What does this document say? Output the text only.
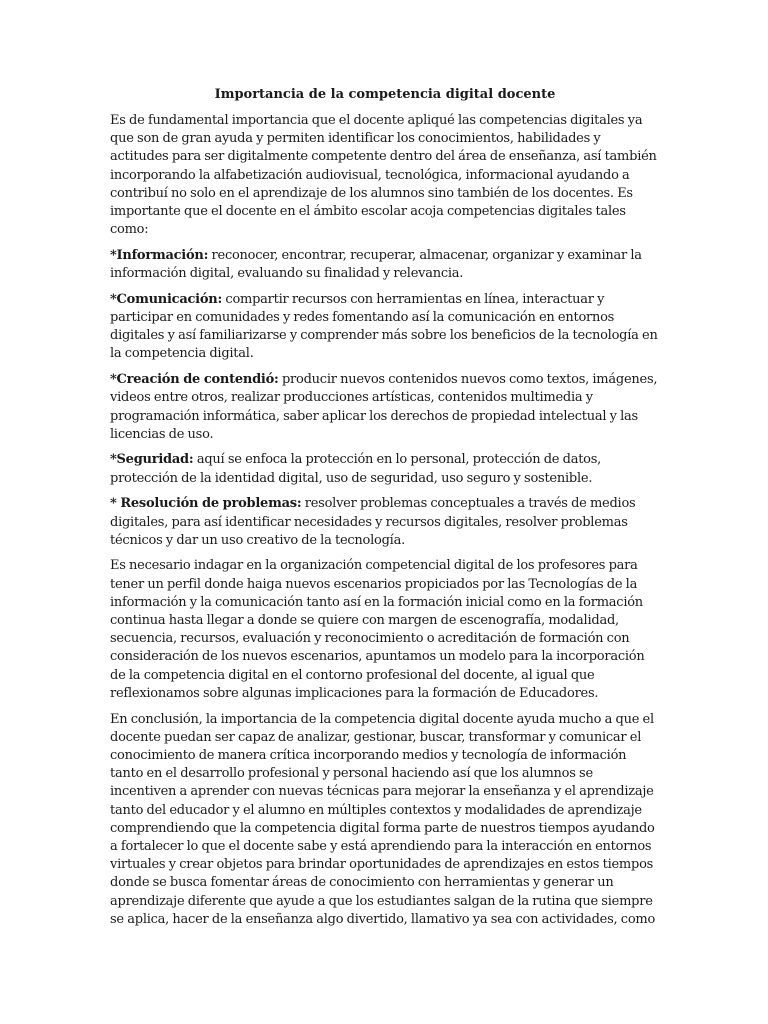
Importancia de la competencia digital docente

Es de fundamental importancia que el docente apliqué las competencias digitales ya que son de gran ayuda y permiten identificar los conocimientos, habilidades y actitudes para ser digitalmente competente dentro del área de enseñanza, así también incorporando la alfabetización audiovisual, tecnológica, informacional ayudando a contribuí no solo en el aprendizaje de los alumnos sino también de los docentes. Es importante que el docente en el ámbito escolar acoja competencias digitales tales como:

*Información: reconocer, encontrar, recuperar, almacenar, organizar y examinar la información digital, evaluando su finalidad y relevancia.

*Comunicación: compartir recursos con herramientas en línea, interactuar y participar en comunidades y redes fomentando así la comunicación en entornos digitales y así familiarizarse y comprender más sobre los beneficios de la tecnología en la competencia digital.

*Creación de contendió: producir nuevos contenidos nuevos como textos, imágenes, videos entre otros, realizar producciones artísticas, contenidos multimedia y programación informática, saber aplicar los derechos de propiedad intelectual y las licencias de uso.

*Seguridad: aquí se enfoca la protección en lo personal, protección de datos, protección de la identidad digital, uso de seguridad, uso seguro y sostenible.

* Resolución de problemas: resolver problemas conceptuales a través de medios digitales, para así identificar necesidades y recursos digitales, resolver problemas técnicos y dar un uso creativo de la tecnología.

Es necesario indagar en la organización competencial digital de los profesores para tener un perfil donde haiga nuevos escenarios propiciados por las Tecnologías de la información y la comunicación tanto así en la formación inicial como en la formación continua hasta llegar a donde se quiere con margen de escenografía, modalidad, secuencia, recursos, evaluación y reconocimiento o acreditación de formación con consideración de los nuevos escenarios, apuntamos un modelo para la incorporación de la competencia digital en el contorno profesional del docente, al igual que reflexionamos sobre algunas implicaciones para la formación de Educadores.

En conclusión, la importancia de la competencia digital docente ayuda mucho a que el docente puedan ser capaz de analizar, gestionar, buscar, transformar y comunicar el conocimiento de manera crítica incorporando medios y tecnología de información tanto en el desarrollo profesional y personal haciendo así que los alumnos se incentiven a aprender con nuevas técnicas para mejorar la enseñanza y el aprendizaje tanto del educador y el alumno en múltiples contextos y modalidades de aprendizaje comprendiendo que la competencia digital forma parte de nuestros tiempos ayudando a fortalecer lo que el docente sabe y está aprendiendo para la interacción en entornos virtuales y crear objetos para brindar oportunidades de aprendizajes en estos tiempos donde se busca fomentar áreas de conocimiento con herramientas y generar un aprendizaje diferente que ayude a que los estudiantes salgan de la rutina que siempre se aplica, hacer de la enseñanza algo divertido, llamativo ya sea con actividades, como
